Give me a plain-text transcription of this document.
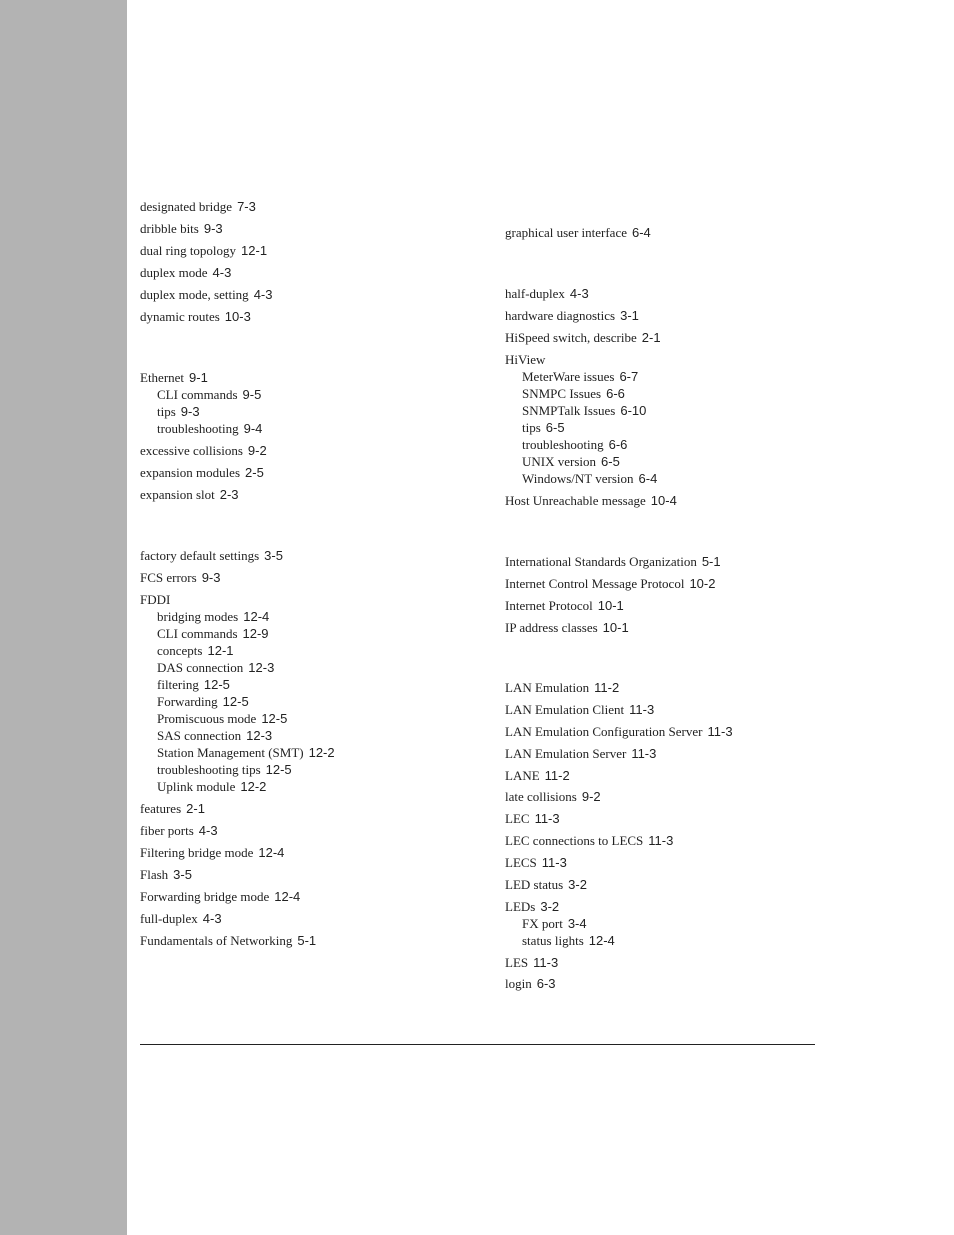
designated bridge 7-3
dribble bits 9-3
dual ring topology 12-1
duplex mode 4-3
duplex mode, setting 4-3
dynamic routes 10-3
Ethernet 9-1
CLI commands 9-5
tips 9-3
troubleshooting 9-4
excessive collisions 9-2
expansion modules 2-5
expansion slot 2-3
factory default settings 3-5
FCS errors 9-3
FDDI
bridging modes 12-4
CLI commands 12-9
concepts 12-1
DAS connection 12-3
filtering 12-5
Forwarding 12-5
Promiscuous mode 12-5
SAS connection 12-3
Station Management (SMT) 12-2
troubleshooting tips 12-5
Uplink module 12-2
features 2-1
fiber ports 4-3
Filtering bridge mode 12-4
Flash 3-5
Forwarding bridge mode 12-4
full-duplex 4-3
Fundamentals of Networking 5-1
graphical user interface 6-4
half-duplex 4-3
hardware diagnostics 3-1
HiSpeed switch, describe 2-1
HiView
MeterWare issues 6-7
SNMPC Issues 6-6
SNMPTalk Issues 6-10
tips 6-5
troubleshooting 6-6
UNIX version 6-5
Windows/NT version 6-4
Host Unreachable message 10-4
International Standards Organization 5-1
Internet Control Message Protocol 10-2
Internet Protocol 10-1
IP address classes 10-1
LAN Emulation 11-2
LAN Emulation Client 11-3
LAN Emulation Configuration Server 11-3
LAN Emulation Server 11-3
LANE 11-2
late collisions 9-2
LEC 11-3
LEC connections to LECS 11-3
LECS 11-3
LED status 3-2
LEDs 3-2
FX port 3-4
status lights 12-4
LES 11-3
login 6-3
